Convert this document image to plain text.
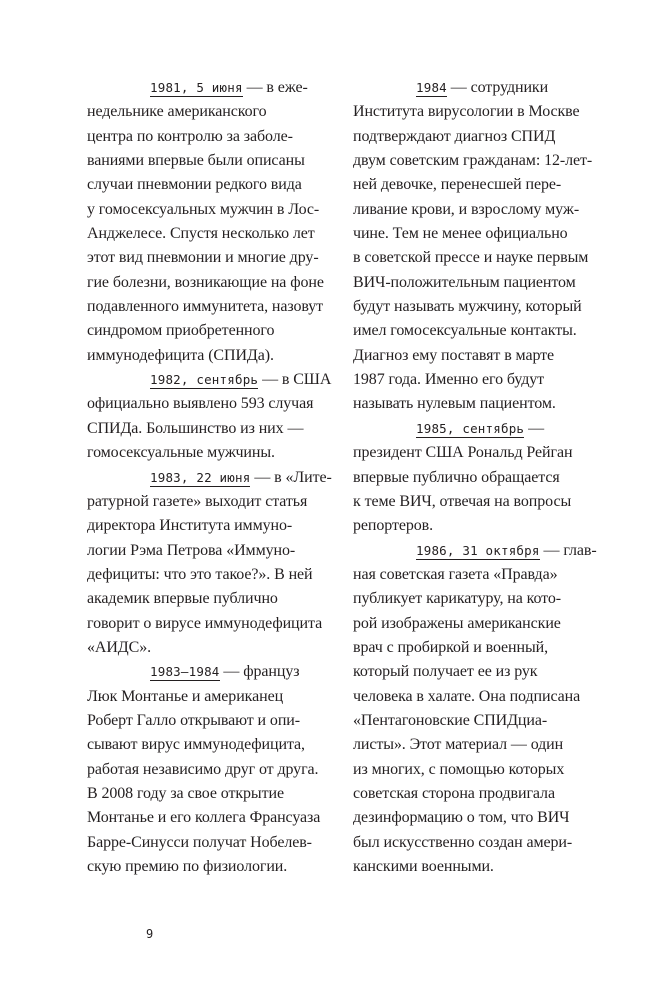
1981, 5 июня — в еже-
недельнике американского
центра по контролю за заболе-
ваниями впервые были описаны
случаи пневмонии редкого вида
у гомосексуальных мужчин в Лос-
Анджелесе. Спустя несколько лет
этот вид пневмонии и многие дру-
гие болезни, возникающие на фоне
подавленного иммунитета, назовут
синдромом приобретенного
иммунодефицита (СПИДа).
1982, сентябрь — в США
официально выявлено 593 случая
СПИДа. Большинство из них —
гомосексуальные мужчины.
1983, 22 июня — в «Лите-
ратурной газете» выходит статья
директора Института иммуно-
логии Рэма Петрова «Иммуно-
дефициты: что это такое?». В ней
академик впервые публично
говорит о вирусе иммунодефицита
«АИДС».
1983–1984 — француз
Люк Монтанье и американец
Роберт Галло открывают и опи-
сывают вирус иммунодефицита,
работая независимо друг от друга.
В 2008 году за свое открытие
Монтанье и его коллега Франсуаза
Барре-Синусси получат Нобелев-
скую премию по физиологии.
1984 — сотрудники
Института вирусологии в Москве
подтверждают диагноз СПИД
двум советским гражданам: 12-лет-
ней девочке, перенесшей пере-
ливание крови, и взрослому муж-
чине. Тем не менее официально
в советской прессе и науке первым
ВИЧ-положительным пациентом
будут называть мужчину, который
имел гомосексуальные контакты.
Диагноз ему поставят в марте
1987 года. Именно его будут
называть нулевым пациентом.
1985, сентябрь —
президент США Рональд Рейган
впервые публично обращается
к теме ВИЧ, отвечая на вопросы
репортеров.
1986, 31 октября — глав-
ная советская газета «Правда»
публикует карикатуру, на кото-
рой изображены американские
врач с пробиркой и военный,
который получает ее из рук
человека в халате. Она подписана
«Пентагоновские СПИДциа-
листы». Этот материал — один
из многих, с помощью которых
советская сторона продвигала
дезинформацию о том, что ВИЧ
был искусственно создан амери-
канскими военными.
9
